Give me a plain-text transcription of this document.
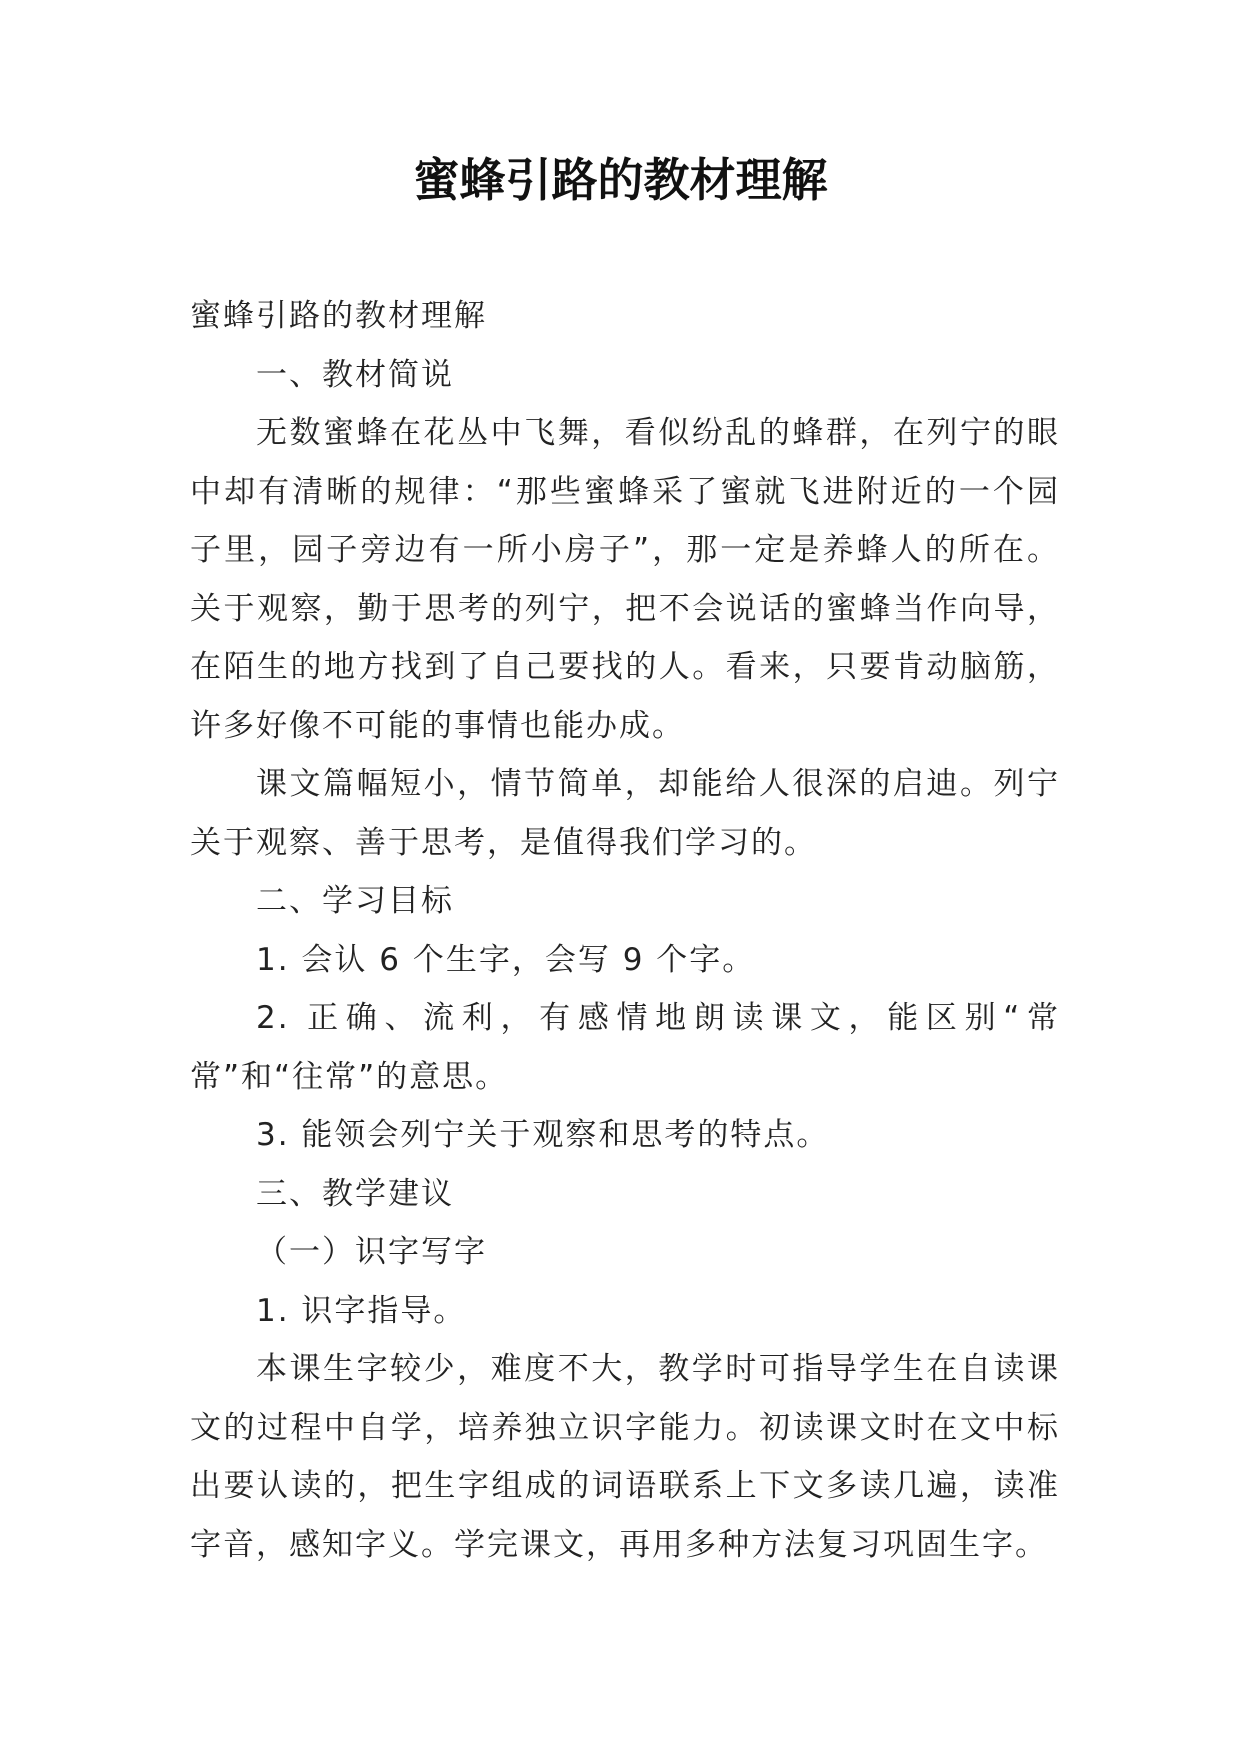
蜜蜂引路的教材理解

蜜蜂引路的教材理解

一、教材简说

无数蜜蜂在花丛中飞舞，看似纷乱的蜂群，在列宁的眼中却有清晰的规律：“那些蜜蜂采了蜜就飞进附近的一个园子里，园子旁边有一所小房子”，那一定是养蜂人的所在。关于观察，勤于思考的列宁，把不会说话的蜜蜂当作向导，在陌生的地方找到了自己要找的人。看来，只要肯动脑筋，许多好像不可能的事情也能办成。

课文篇幅短小，情节简单，却能给人很深的启迪。列宁关于观察、善于思考，是值得我们学习的。

二、学习目标

1. 会认 6 个生字，会写 9 个字。

2. 正确、流利，有感情地朗读课文，能区别“常常”和“往常”的意思。

3. 能领会列宁关于观察和思考的特点。

三、教学建议

（一）识字写字

1. 识字指导。

本课生字较少，难度不大，教学时可指导学生在自读课文的过程中自学，培养独立识字能力。初读课文时在文中标出要认读的，把生字组成的词语联系上下文多读几遍，读准字音，感知字义。学完课文，再用多种方法复习巩固生字。
